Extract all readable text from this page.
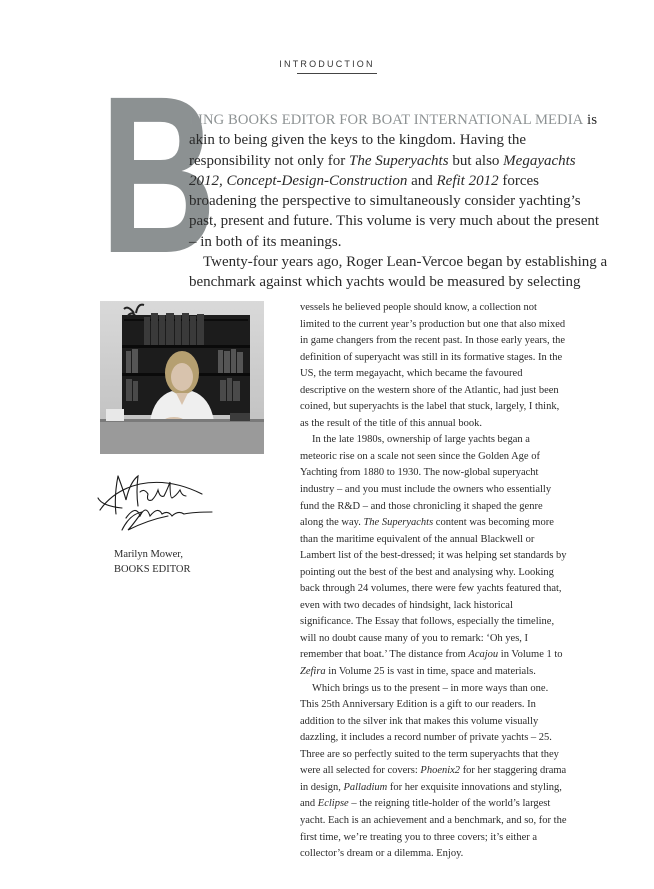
INTRODUCTION
B

EING BOOKS EDITOR FOR BOAT INTERNATIONAL MEDIA is akin to being given the keys to the kingdom. Having the responsibility not only for The Superyachts but also Megayachts 2012, Concept-Design-Construction and Refit 2012 forces broadening the perspective to simultaneously consider yachting’s past, present and future. This volume is very much about the present – in both of its meanings.

Twenty-four years ago, Roger Lean-Vercoe began by establishing a benchmark against which yachts would be measured by selecting

Marilyn Mower,
BOOKS EDITOR

vessels he believed people should know, a collection not limited to the current year’s production but one that also mixed in game changers from the recent past. In those early years, the definition of superyacht was still in its formative stages. In the US, the term megayacht, which became the favoured descriptive on the western shore of the Atlantic, had just been coined, but superyachts is the label that stuck, largely, I think, as the result of the title of this annual book.

In the late 1980s, ownership of large yachts began a meteoric rise on a scale not seen since the Golden Age of Yachting from 1880 to 1930. The now-global superyacht industry – and you must include the owners who essentially fund the R&D – and those chronicling it shaped the genre along the way. The Superyachts content was becoming more than the maritime equivalent of the annual Blackwell or Lambert list of the best-dressed; it was helping set standards by pointing out the best of the best and analysing why. Looking back through 24 volumes, there were few yachts featured that, even with two decades of hindsight, lack historical significance. The Essay that follows, especially the timeline, will no doubt cause many of you to remark: ‘Oh yes, I remember that boat.’ The distance from Acajou in Volume 1 to Zefira in Volume 25 is vast in time, space and materials.

Which brings us to the present – in more ways than one. This 25th Anniversary Edition is a gift to our readers. In addition to the silver ink that makes this volume visually dazzling, it includes a record number of private yachts – 25. Three are so perfectly suited to the term superyachts that they were all selected for covers: Phoenix2 for her staggering drama in design, Palladium for her exquisite innovations and styling, and Eclipse – the reigning title-holder of the world’s largest yacht. Each is an achievement and a benchmark, and so, for the first time, we’re treating you to three covers; it’s either a collector’s dream or a dilemma. Enjoy.
